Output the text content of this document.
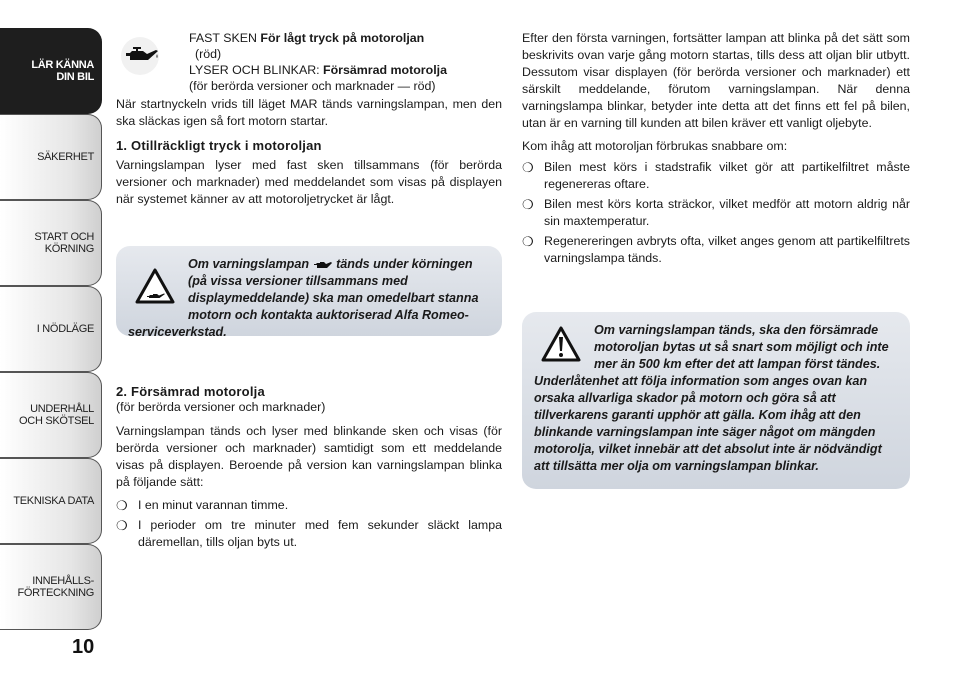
LÄR KÄNNA
DIN BIL
SÄKERHET
START OCH
KÖRNING
I NÖDLÄGE
UNDERHÅLL
OCH SKÖTSEL
TEKNISKA DATA
INNEHÅLLS-
FÖRTECKNING
10
FAST SKEN För lågt tryck på motoroljan
(röd)
LYSER OCH BLINKAR: Försämrad motorolja
(för berörda versioner och marknader — röd)

När startnyckeln vrids till läget MAR tänds varningslampan, men den ska släckas igen så fort motorn startar.

1. Otillräckligt tryck i motoroljan

Varningslampan lyser med fast sken tillsammans (för berörda versioner och marknader) med meddelandet som visas på displayen när systemet känner av att motoroljetrycket är lågt.

Om varningslampan  tänds under körningen (på vissa versioner tillsammans med displaymeddelande) ska man omedelbart stanna motorn och kontakta auktoriserad Alfa Romeo-serviceverkstad.
2. Försämrad motorolja
(för berörda versioner och marknader)

Varningslampan tänds och lyser med blinkande sken och visas (för berörda versioner och marknader) samtidigt som ett meddelande visas på displayen. Beroende på version kan varningslampan blinka på följande sätt:

❍ I en minut varannan timme.
❍ I perioder om tre minuter med fem sekunder släckt lampa däremellan, tills oljan byts ut.

Efter den första varningen, fortsätter lampan att blinka på det sätt som beskrivits ovan varje gång motorn startas, tills dess att oljan blir utbytt. Dessutom visar displayen (för berörda versioner och marknader) ett särskilt meddelande, förutom varningslampan. När denna varningslampa blinkar, betyder inte detta att det finns ett fel på bilen, utan är en varning till kunden att bilen kräver ett vanligt oljebyte.

Kom ihåg att motoroljan förbrukas snabbare om:

❍ Bilen mest körs i stadstrafik vilket gör att partikelfiltret måste regenereras oftare.
❍ Bilen mest körs korta sträckor, vilket medför att motorn aldrig når sin maxtemperatur.
❍ Regenereringen avbryts ofta, vilket anges genom att partikelfiltrets varningslampa tänds.
Om varningslampan tänds, ska den försämrade motoroljan bytas ut så snart som möjligt och inte mer än 500 km efter det att lampan först tändes. Underlåtenhet att följa information som anges ovan kan orsaka allvarliga skador på motorn och göra så att tillverkarens garanti upphör att gälla. Kom ihåg att den blinkande varningslampan inte säger något om mängden motorolja, vilket innebär att det absolut inte är nödvändigt att tillsätta mer olja om varningslampan blinkar.
